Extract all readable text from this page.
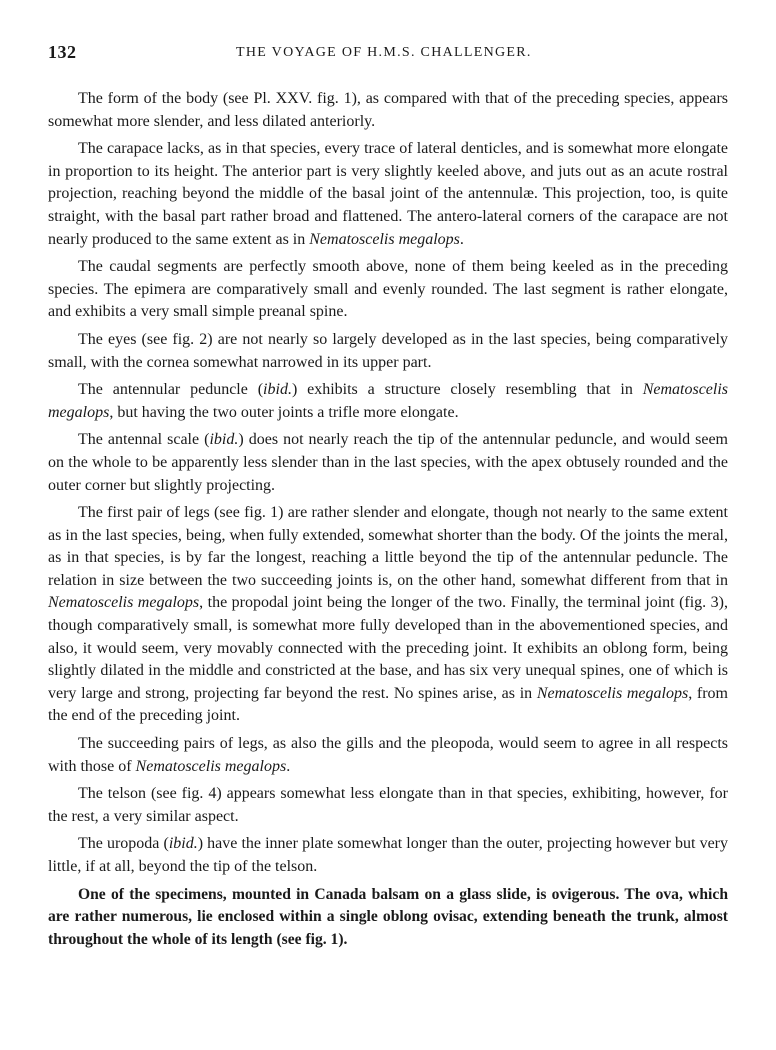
132	THE VOYAGE OF H.M.S. CHALLENGER.

The form of the body (see Pl. XXV. fig. 1), as compared with that of the preceding species, appears somewhat more slender, and less dilated anteriorly.

The carapace lacks, as in that species, every trace of lateral denticles, and is somewhat more elongate in proportion to its height. The anterior part is very slightly keeled above, and juts out as an acute rostral projection, reaching beyond the middle of the basal joint of the antennulæ. This projection, too, is quite straight, with the basal part rather broad and flattened. The antero-lateral corners of the carapace are not nearly produced to the same extent as in Nematoscelis megalops.

The caudal segments are perfectly smooth above, none of them being keeled as in the preceding species. The epimera are comparatively small and evenly rounded. The last segment is rather elongate, and exhibits a very small simple preanal spine.

The eyes (see fig. 2) are not nearly so largely developed as in the last species, being comparatively small, with the cornea somewhat narrowed in its upper part.

The antennular peduncle (ibid.) exhibits a structure closely resembling that in Nematoscelis megalops, but having the two outer joints a trifle more elongate.

The antennal scale (ibid.) does not nearly reach the tip of the antennular peduncle, and would seem on the whole to be apparently less slender than in the last species, with the apex obtusely rounded and the outer corner but slightly projecting.

The first pair of legs (see fig. 1) are rather slender and elongate, though not nearly to the same extent as in the last species, being, when fully extended, somewhat shorter than the body. Of the joints the meral, as in that species, is by far the longest, reaching a little beyond the tip of the antennular peduncle. The relation in size between the two succeeding joints is, on the other hand, somewhat different from that in Nematoscelis megalops, the propodal joint being the longer of the two. Finally, the terminal joint (fig. 3), though comparatively small, is somewhat more fully developed than in the abovementioned species, and also, it would seem, very movably connected with the preceding joint. It exhibits an oblong form, being slightly dilated in the middle and constricted at the base, and has six very unequal spines, one of which is very large and strong, projecting far beyond the rest. No spines arise, as in Nematoscelis megalops, from the end of the preceding joint.

The succeeding pairs of legs, as also the gills and the pleopoda, would seem to agree in all respects with those of Nematoscelis megalops.

The telson (see fig. 4) appears somewhat less elongate than in that species, exhibiting, however, for the rest, a very similar aspect.

The uropoda (ibid.) have the inner plate somewhat longer than the outer, projecting however but very little, if at all, beyond the tip of the telson.

One of the specimens, mounted in Canada balsam on a glass slide, is ovigerous. The ova, which are rather numerous, lie enclosed within a single oblong ovisac, extending beneath the trunk, almost throughout the whole of its length (see fig. 1).
